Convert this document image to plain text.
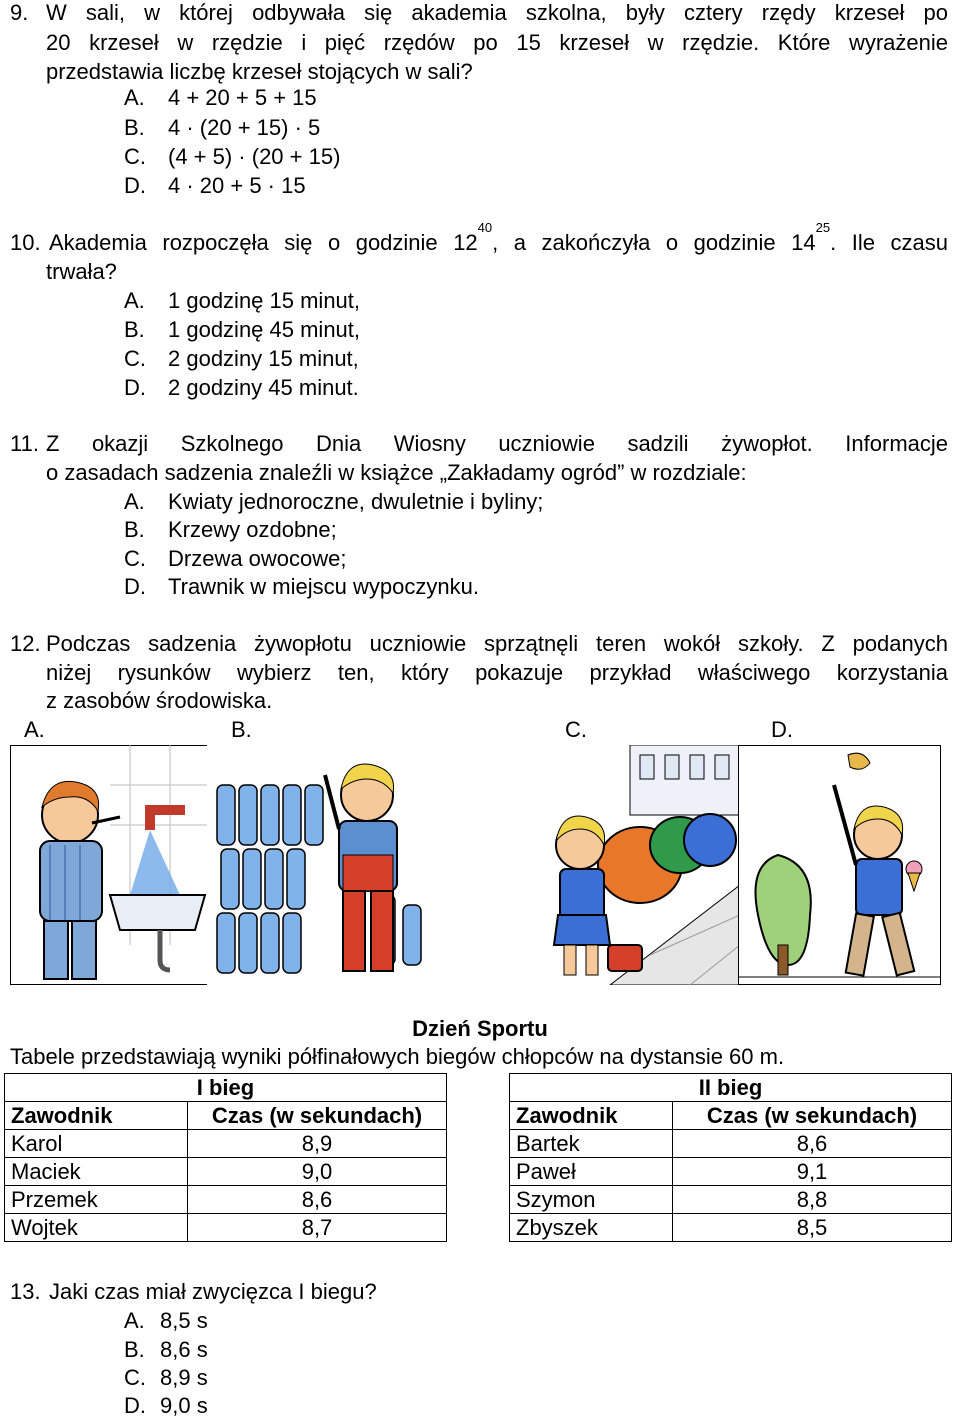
9. W sali, w której odbywała się akademia szkolna, były cztery rzędy krzeseł po
20 krzeseł w rzędzie i pięć rzędów po 15 krzeseł w rzędzie. Które wyrażenie
przedstawia liczbę krzeseł stojących w sali?
A. 4 + 20 + 5 + 15
B. 4 · (20 + 15) · 5
C. (4 + 5) · (20 + 15)
D. 4 · 20 + 5 · 15
10. Akademia rozpoczęła się o godzinie $12^{40}$, a zakończyła o godzinie $14^{25}$. Ile czasu
trwała?
A. 1 godzinę 15 minut,
B. 1 godzinę 45 minut,
C. 2 godziny 15 minut,
D. 2 godziny 45 minut.
11. Z okazji Szkolnego Dnia Wiosny uczniowie sadzili żywopłot. Informacje
o zasadach sadzenia znaleźli w książce „Zakładamy ogród” w rozdziale:
A. Kwiaty jednoroczne, dwuletnie i byliny;
B. Krzewy ozdobne;
C. Drzewa owocowe;
D. Trawnik w miejscu wypoczynku.
12. Podczas sadzenia żywopłotu uczniowie sprzątnęli teren wokół szkoły. Z podanych
niżej rysunków wybierz ten, który pokazuje przykład właściwego korzystania
z zasobów środowiska.
A.	B.	C.	D.
Dzień Sportu
Tabele przedstawiają wyniki półfinałowych biegów chłopców na dystansie 60 m.
I bieg	
Zawodnik	Czas (w sekundach)
Karol	8,9
Maciek	9,0
Przemek	8,6
Wojtek	8,7
II bieg	
Zawodnik	Czas (w sekundach)
Bartek	8,6
Paweł	9,1
Szymon	8,8
Zbyszek	8,5
13. Jaki czas miał zwycięzca I biegu?
A. 8,5 s
B. 8,6 s
C. 8,9 s
D. 9,0 s
